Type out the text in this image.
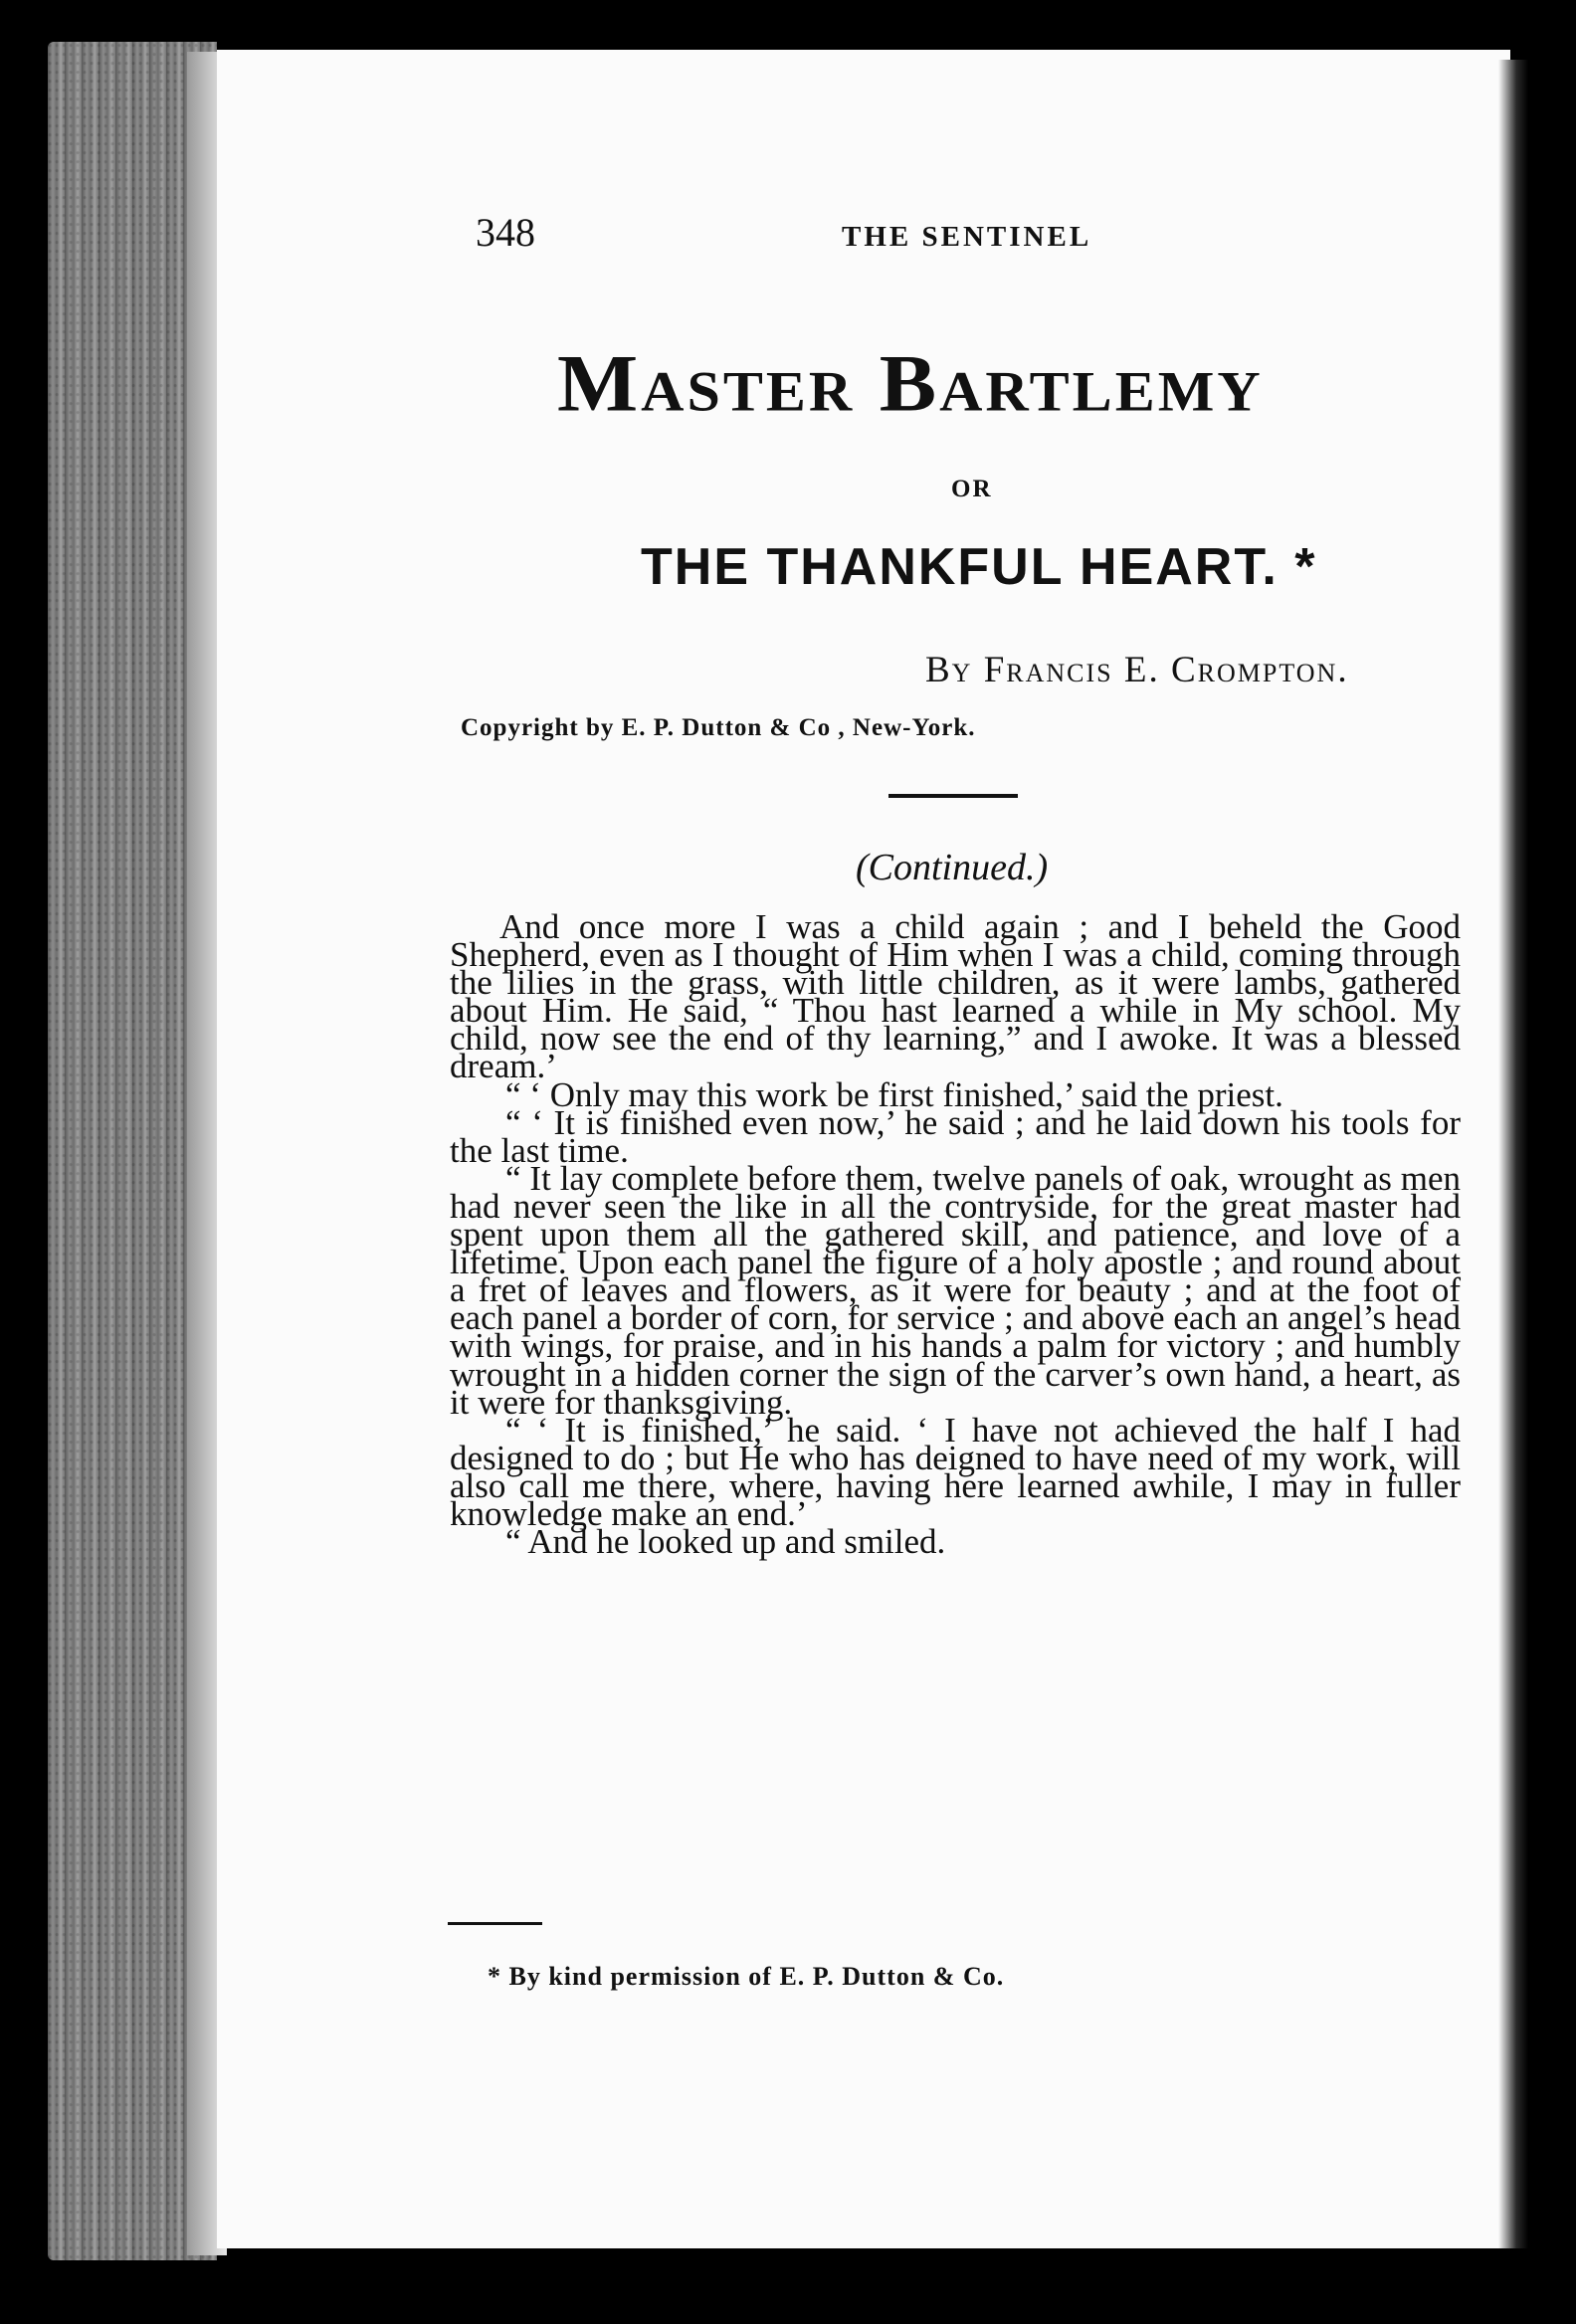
348	THE SENTINEL
Master Bartlemy
OR
THE THANKFUL HEART. *
By Francis E. Crompton.
Copyright by E. P. Dutton & Co , New-York.
(Continued.)

And once more I was a child again ; and I beheld the Good Shepherd, even as I thought of Him when I was a child, coming through the lilies in the grass, with little children, as it were lambs, gathered about Him. He said, “ Thou hast learned a while in My school. My child, now see the end of thy learning,” and I awoke. It was a blessed dream.’

“ ‘ Only may this work be first finished,’ said the priest.

“ ‘ It is finished even now,’ he said ; and he laid down his tools for the last time.

“ It lay complete before them, twelve panels of oak, wrought as men had never seen the like in all the contryside, for the great master had spent upon them all the gathered skill, and patience, and love of a lifetime. Upon each panel the figure of a holy apostle ; and round about a fret of leaves and flowers, as it were for beauty ; and at the foot of each panel a border of corn, for service ; and above each an angel’s head with wings, for praise, and in his hands a palm for victory ; and humbly wrought in a hidden corner the sign of the carver’s own hand, a heart, as it were for thanksgiving.

“ ‘ It is finished,’ he said. ‘ I have not achieved the half I had designed to do ; but He who has deigned to have need of my work, will also call me there, where, having here learned awhile, I may in fuller knowledge make an end.’

“ And he looked up and smiled.

* By kind permission of E. P. Dutton & Co.
